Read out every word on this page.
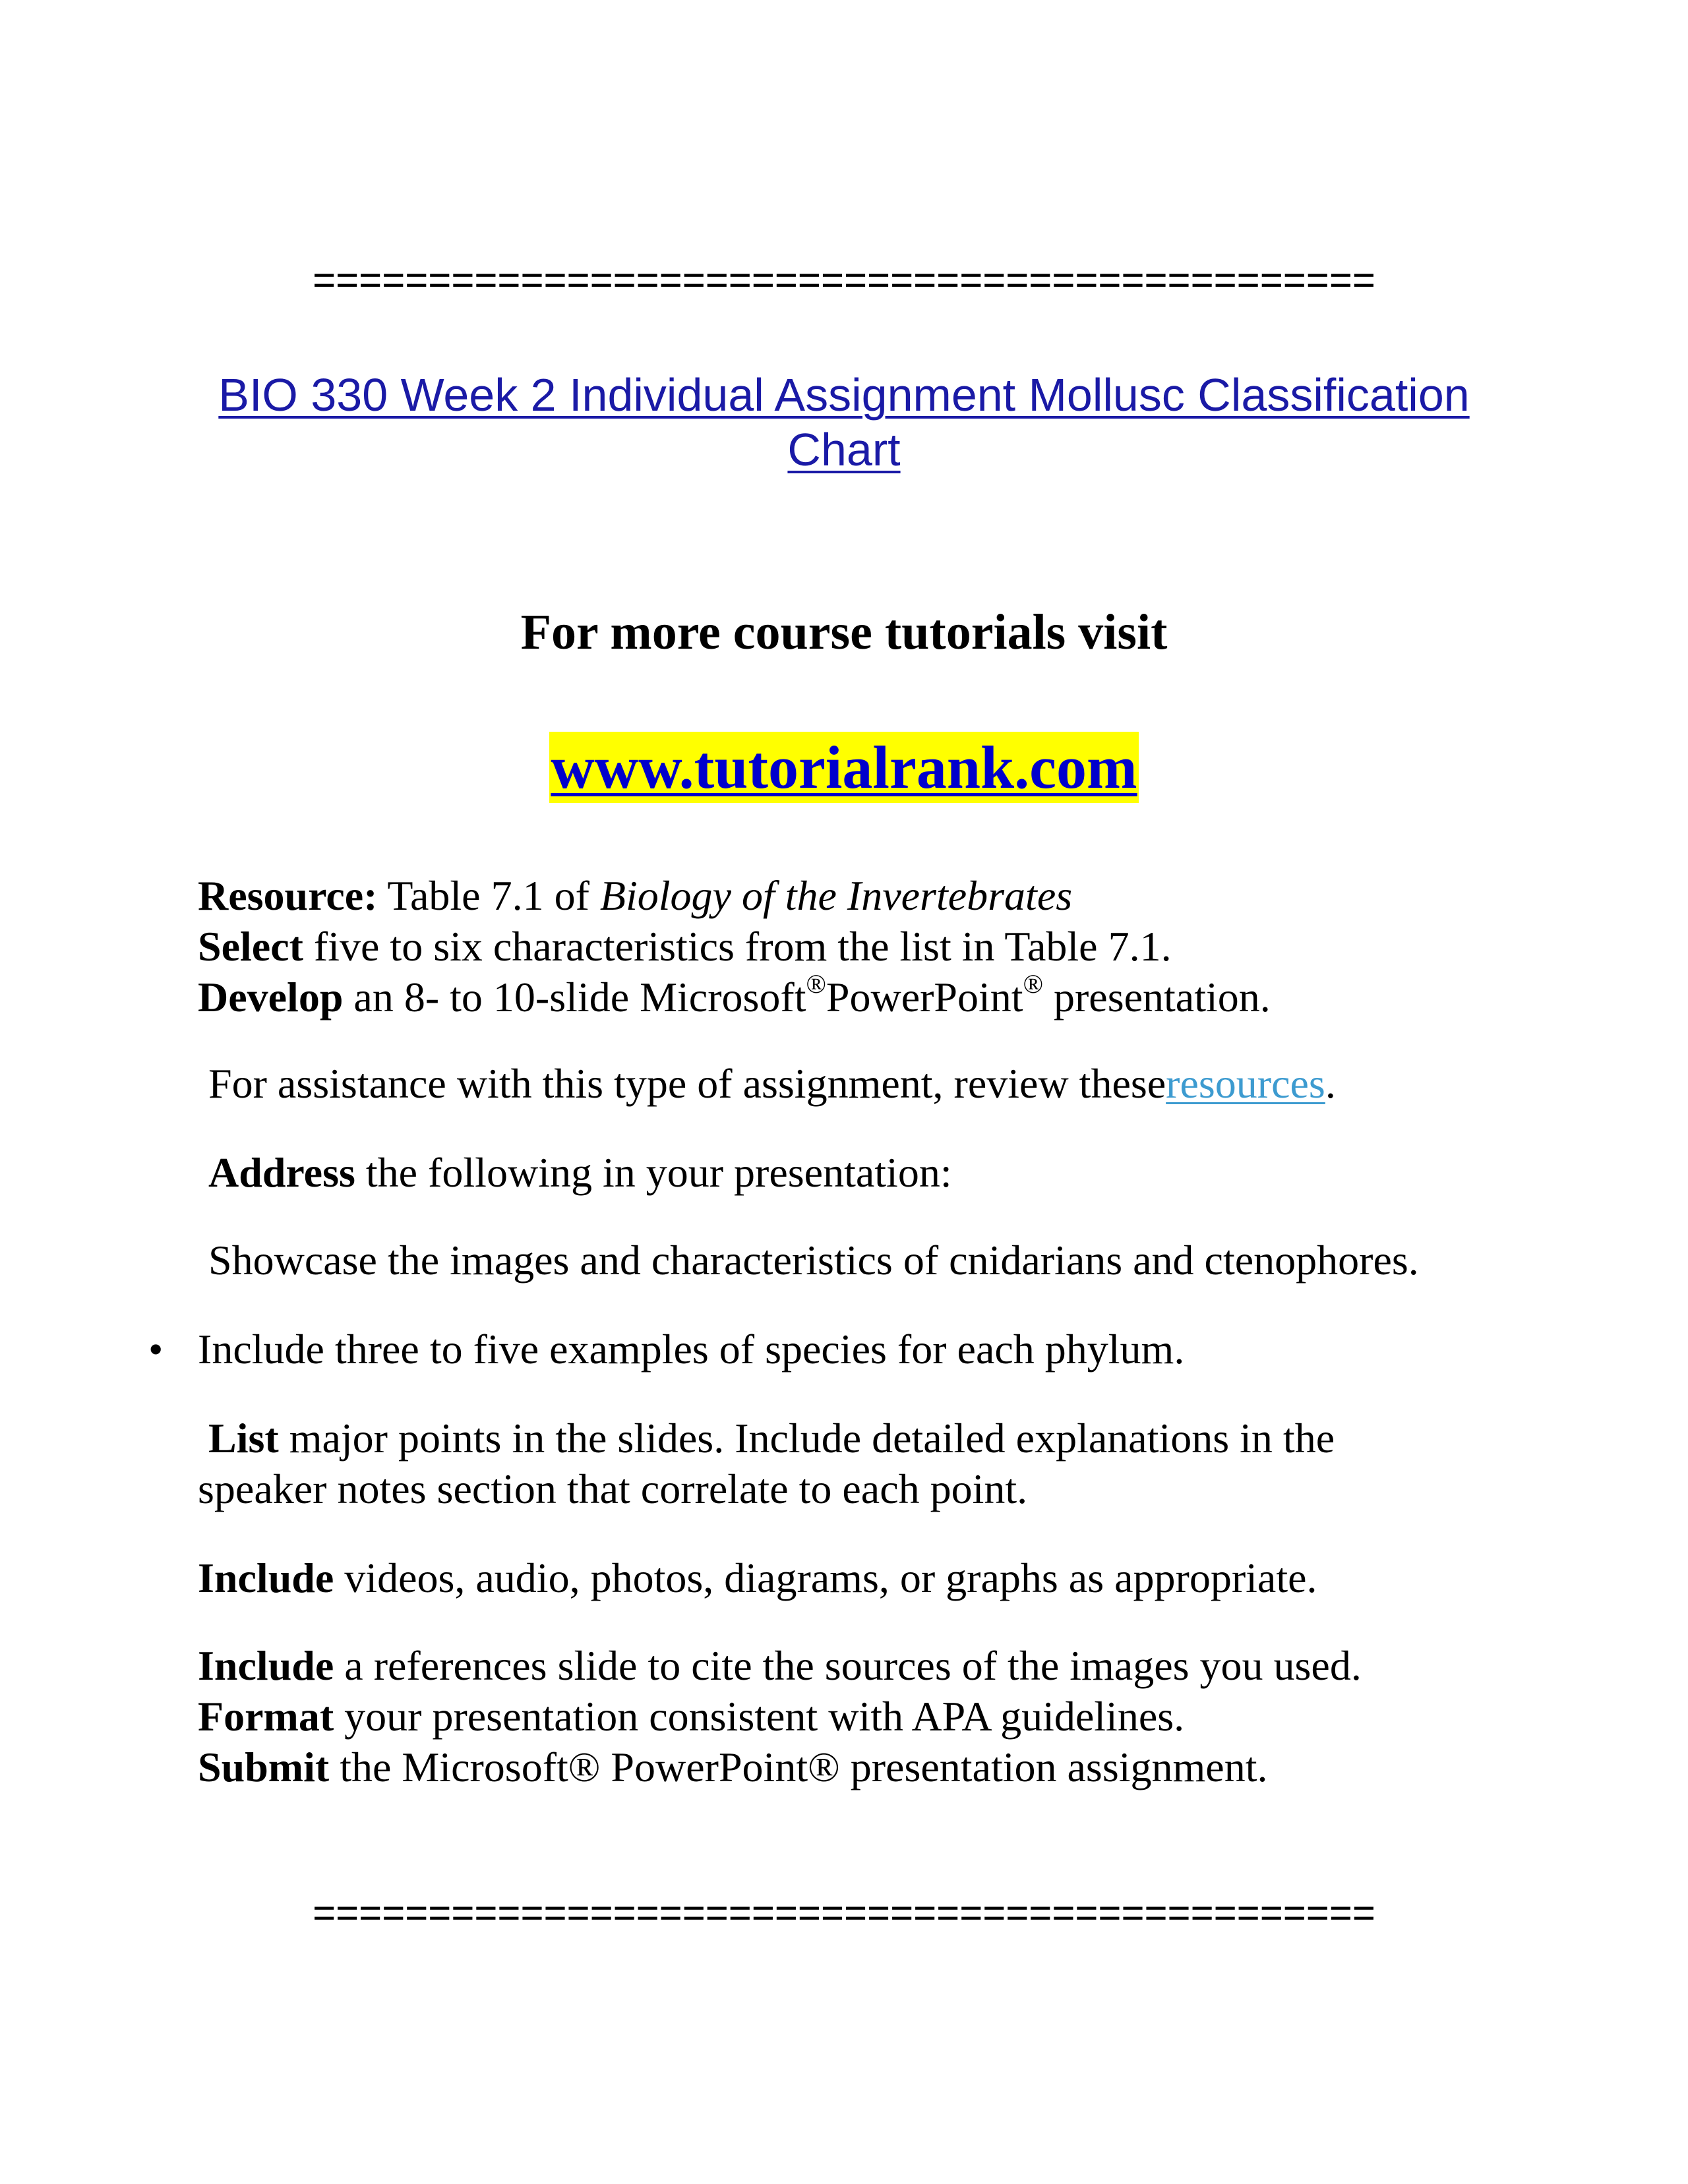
==============================================
BIO 330 Week 2 Individual Assignment Mollusc Classification Chart
For more course tutorials visit
www.tutorialrank.com
Resource: Table 7.1 of Biology of the Invertebrates
Select five to six characteristics from the list in Table 7.1.
Develop an 8- to 10-slide Microsoft®PowerPoint® presentation.
For assistance with this type of assignment, review theseresources.
Address the following in your presentation:
Showcase the images and characteristics of cnidarians and ctenophores.
• Include three to five examples of species for each phylum.
List major points in the slides. Include detailed explanations in the
speaker notes section that correlate to each point.
Include videos, audio, photos, diagrams, or graphs as appropriate.
Include a references slide to cite the sources of the images you used.
Format your presentation consistent with APA guidelines.
Submit the Microsoft® PowerPoint® presentation assignment.
==============================================
